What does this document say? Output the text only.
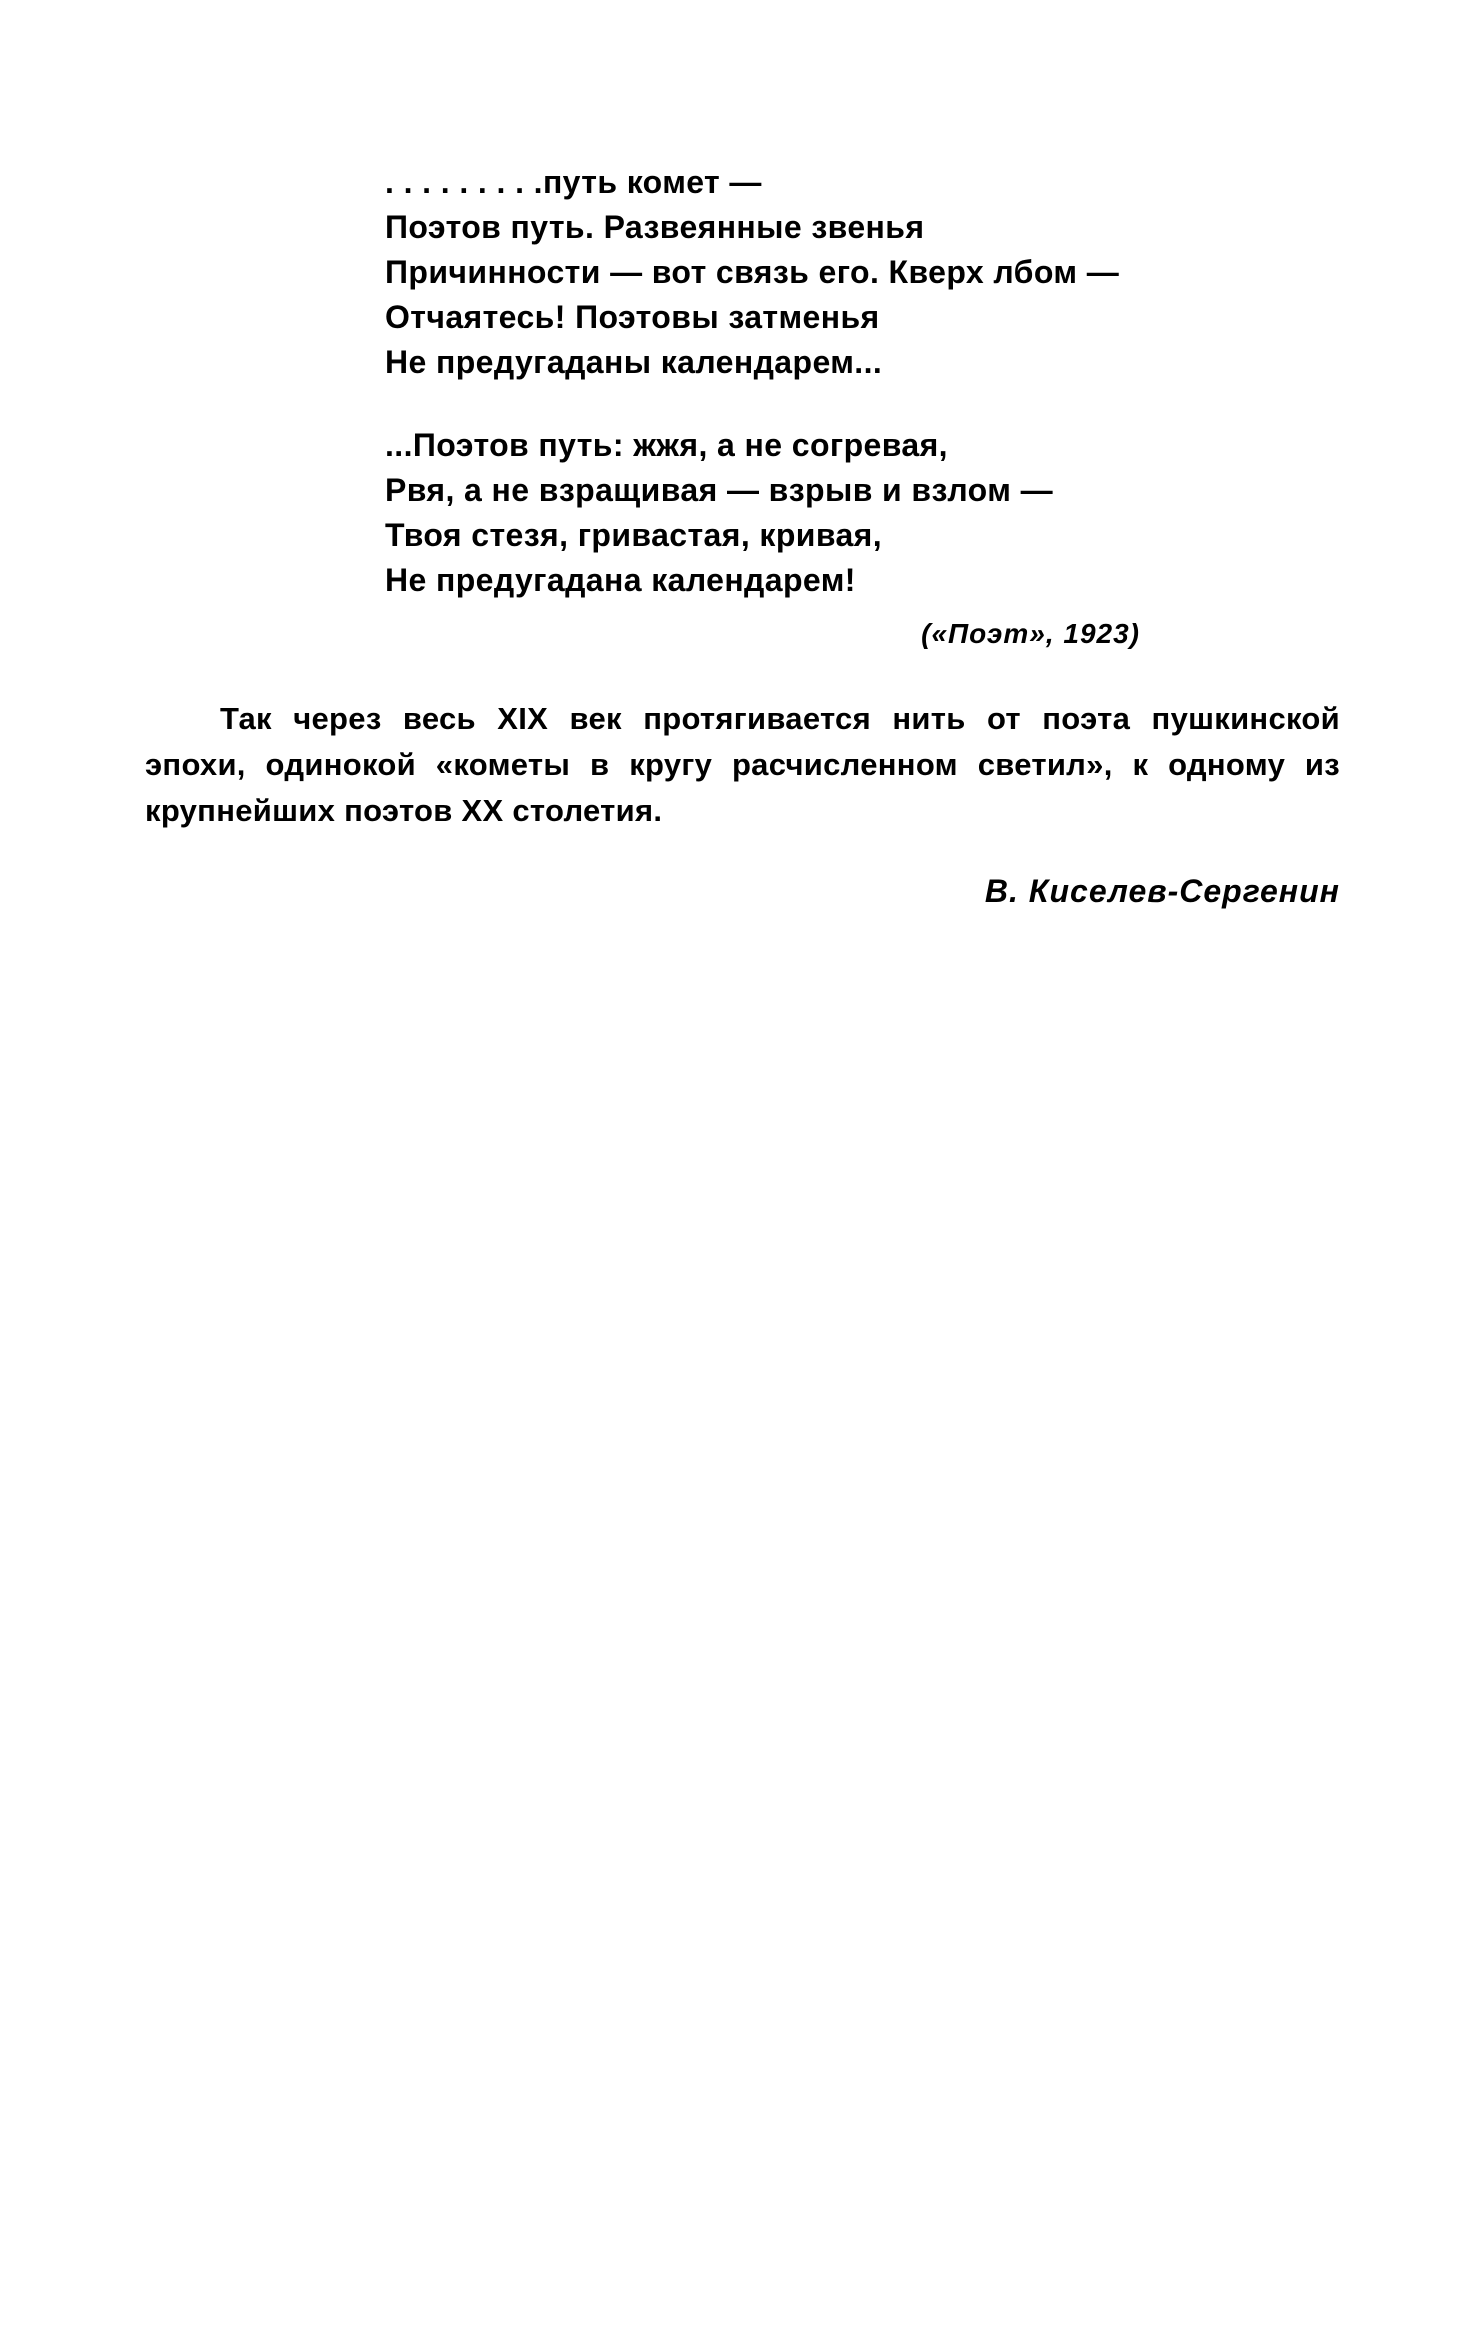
. . . . . . . . .путь комет —
Поэтов путь. Развеянные звенья
Причинности — вот связь его. Кверх лбом —
Отчаятесь! Поэтовы затменья
Не предугаданы календарем...
...Поэтов путь: жжя, а не согревая,
Рвя, а не взращивая — взрыв и взлом —
Твоя стезя, гривастая, кривая,
Не предугадана календарем!
(«Поэт», 1923)
Так через весь XIX век протягивается нить от поэта пушкинской
эпохи, одинокой «кометы в кругу расчисленном светил», к одному из
крупнейших поэтов XX столетия.
В. Киселев-Сергенин
